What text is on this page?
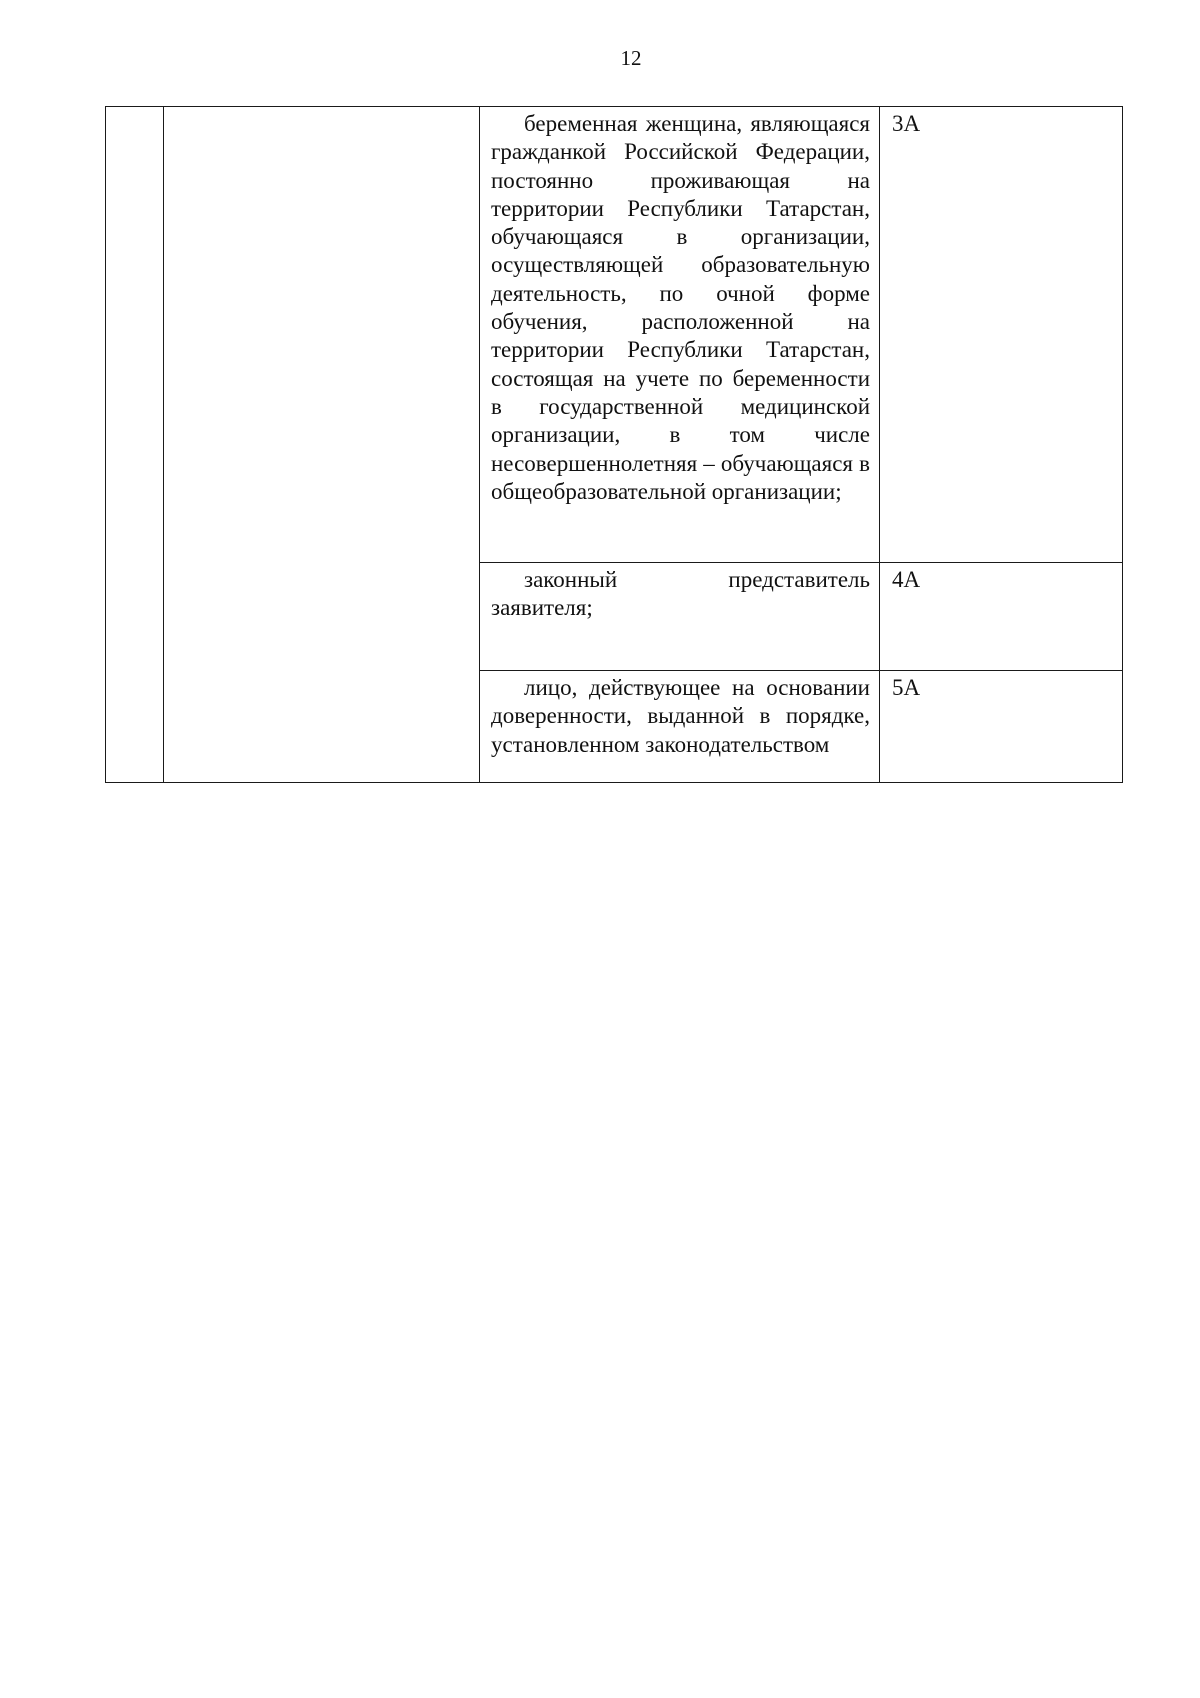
12

		беременная женщина, являющаяся гражданкой Российской Федерации, постоянно проживающая на территории Республики Татарстан, обучающаяся в организации, осуществляющей образовательную деятельность, по очной форме обучения, расположенной на территории Республики Татарстан, состоящая на учете по беременности в государственной медицинской организации, в том числе несовершеннолетняя – обучающаяся в общеобразовательной организации;	3А

		законный представитель заявителя;	4А

		лицо, действующее на основании доверенности, выданной в порядке, установленном законодательством	5А
